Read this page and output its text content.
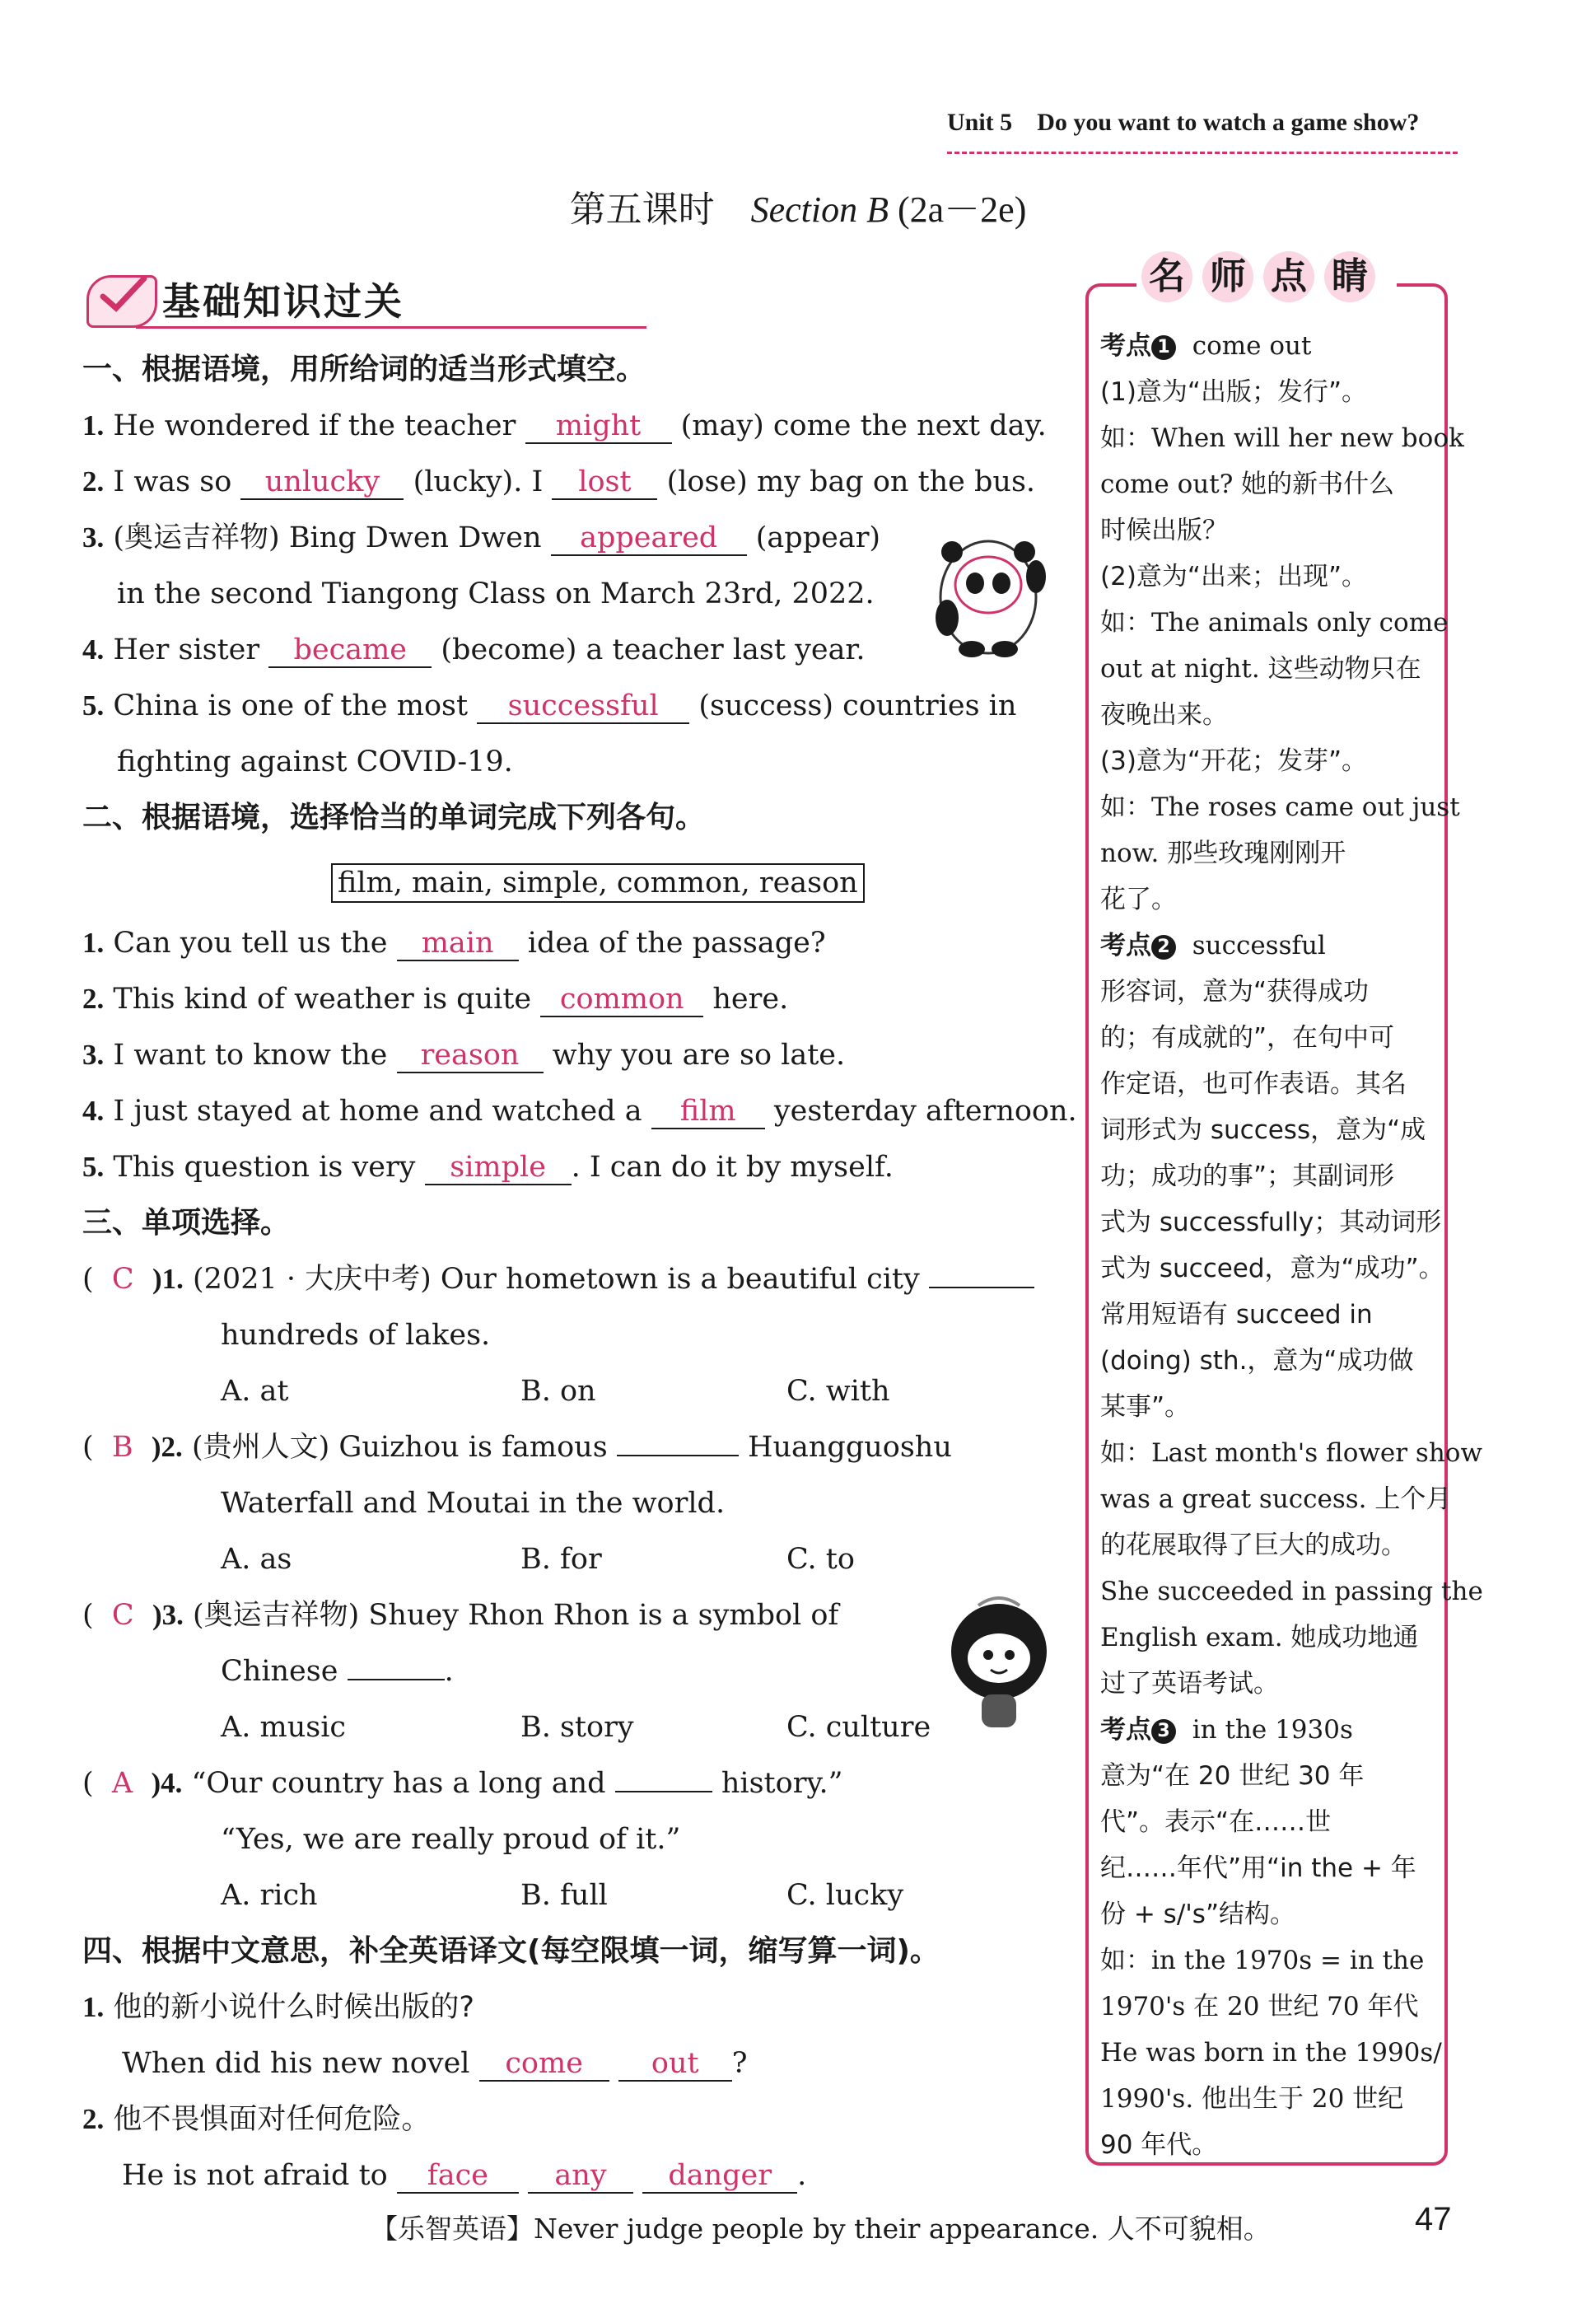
Unit 5 Do you want to watch a game show?
第五课时 Section B (2a－2e)
基础知识过关
一、根据语境，用所给词的适当形式填空。
1. He wondered if the teacher might (may) come the next day.
2. I was so unlucky (lucky). I lost (lose) my bag on the bus.
3. (奥运吉祥物) Bing Dwen Dwen appeared (appear)
in the second Tiangong Class on March 23rd, 2022.
4. Her sister became (become) a teacher last year.
5. China is one of the most successful (success) countries in
fighting against COVID-19.
二、根据语境，选择恰当的单词完成下列各句。
film, main, simple, common, reason
1. Can you tell us the main idea of the passage?
2. This kind of weather is quite common here.
3. I want to know the reason why you are so late.
4. I just stayed at home and watched a film yesterday afternoon.
5. This question is very simple . I can do it by myself.
三、单项选择。
(  C )1. (2021 · 大庆中考) Our hometown is a beautiful city
hundreds of lakes.
A. at	B. on	C. with
(  B )2. (贵州人文) Guizhou is famous	Huangguoshu
Waterfall and Moutai in the world.
A. as	B. for	C. to
(  C )3. (奥运吉祥物) Shuey Rhon Rhon is a symbol of
Chinese	.
A. music	B. story	C. culture
(  A )4. “Our country has a long and	history.”
“Yes, we are really proud of it.”
A. rich	B. full	C. lucky
四、根据中文意思，补全英语译文(每空限填一词，缩写算一词)。
1. 他的新小说什么时候出版的?
When did his new novel come out ?
2. 他不畏惧面对任何危险。
He is not afraid to face any danger .
名 师 点 睛
考点 1 come out
(1)意为“出版；发行”。
如：When will her new book
come out? 她的新书什么
时候出版？
(2)意为“出来；出现”。
如：The animals only come
out at night. 这些动物只在
夜晚出来。
(3)意为“开花；发芽”。
如：The roses came out just
now. 那些玫瑰刚刚开
花了。
考点 2 successful
形容词，意为“获得成功
的；有成就的”，在句中可
作定语，也可作表语。其名
词形式为 success，意为“成
功；成功的事”；其副词形
式为 successfully；其动词形
式为 succeed，意为“成功”。
常用短语有 succeed in
(doing) sth.，意为“成功做
某事”。
如：Last month's flower show
was a great success. 上个月
的花展取得了巨大的成功。
She succeeded in passing the
English exam. 她成功地通
过了英语考试。
考点 3 in the 1930s
意为“在 20 世纪 30 年
代”。表示“在……世
纪……年代”用“in the + 年
份 + s/'s”结构。
如：in the 1970s = in the
1970's 在 20 世纪 70 年代
He was born in the 1990s/
1990's. 他出生于 20 世纪
90 年代。
【乐智英语】Never judge people by their appearance. 人不可貌相。	47
